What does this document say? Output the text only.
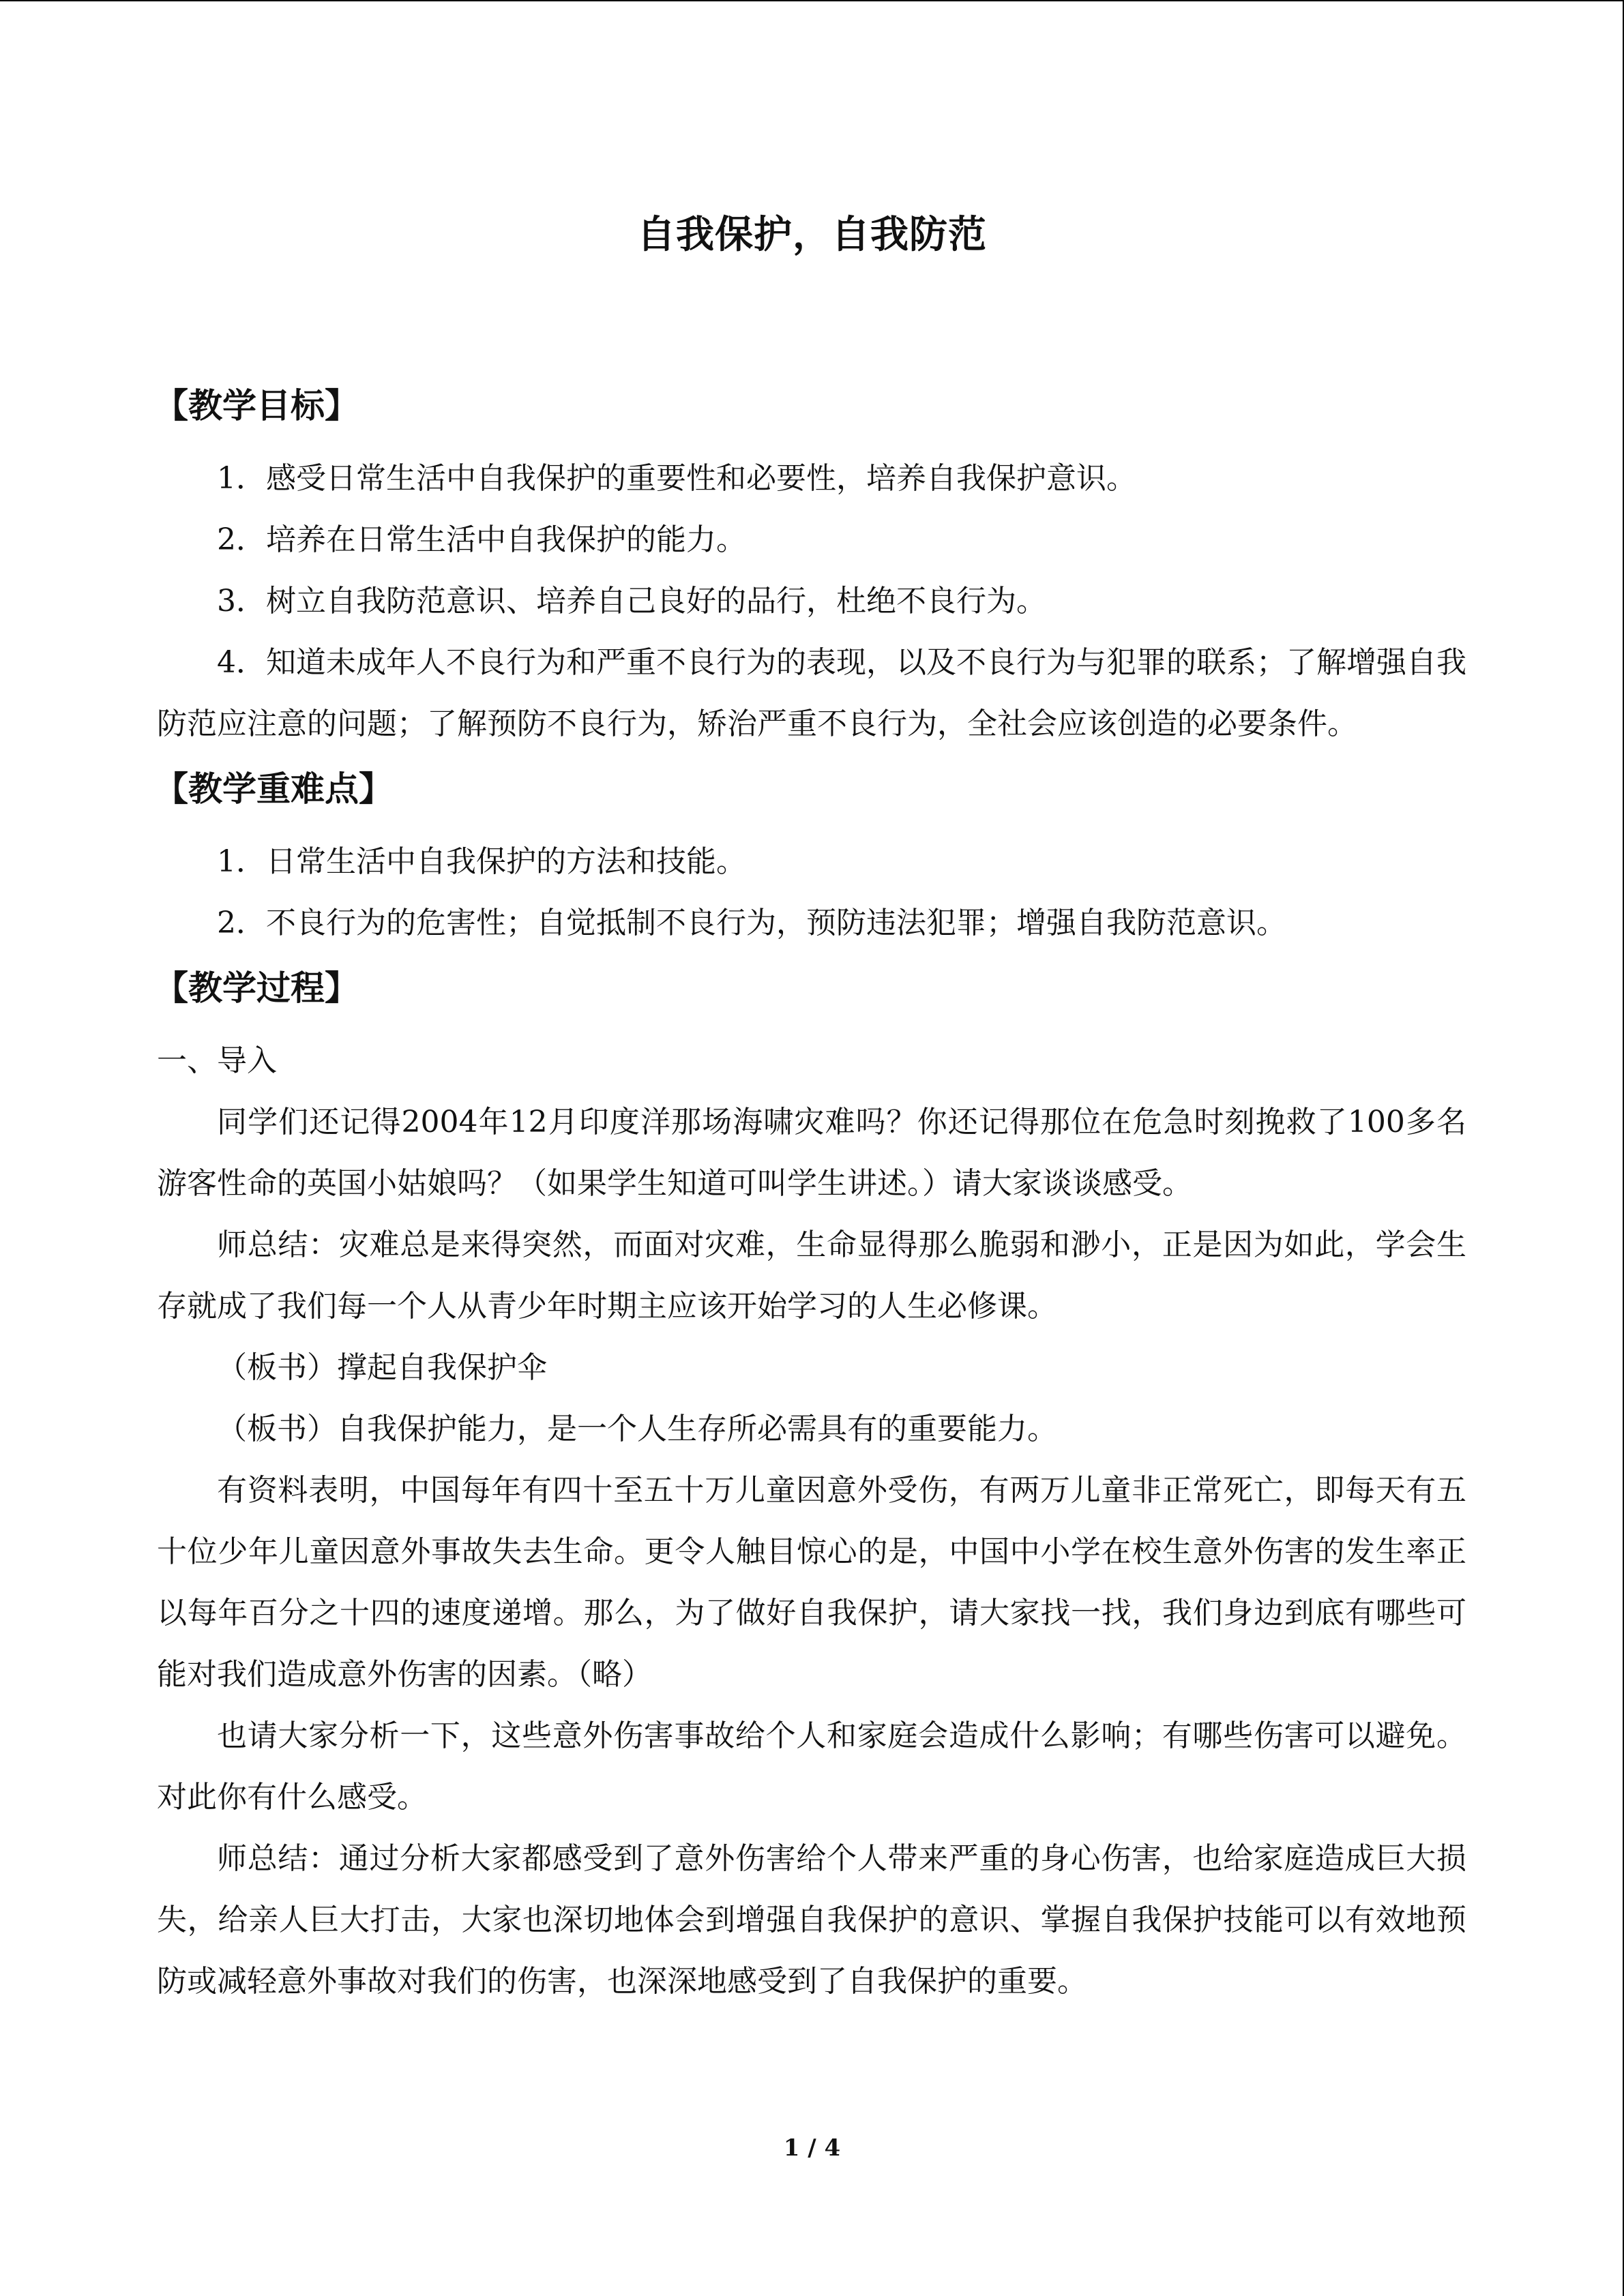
自我保护，自我防范
【教学目标】

1．感受日常生活中自我保护的重要性和必要性，培养自我保护意识。

2．培养在日常生活中自我保护的能力。

3．树立自我防范意识、培养自己良好的品行，杜绝不良行为。

4．知道未成年人不良行为和严重不良行为的表现，以及不良行为与犯罪的联系；了解增强自我防范应注意的问题；了解预防不良行为，矫治严重不良行为，全社会应该创造的必要条件。

【教学重难点】

1．日常生活中自我保护的方法和技能。

2．不良行为的危害性；自觉抵制不良行为，预防违法犯罪；增强自我防范意识。

【教学过程】

一、导入

同学们还记得2004年12月印度洋那场海啸灾难吗？你还记得那位在危急时刻挽救了100多名游客性命的英国小姑娘吗？（如果学生知道可叫学生讲述。）请大家谈谈感受。

师总结：灾难总是来得突然，而面对灾难，生命显得那么脆弱和渺小，正是因为如此，学会生存就成了我们每一个人从青少年时期主应该开始学习的人生必修课。

（板书）撑起自我保护伞

（板书）自我保护能力，是一个人生存所必需具有的重要能力。

有资料表明，中国每年有四十至五十万儿童因意外受伤，有两万儿童非正常死亡，即每天有五十位少年儿童因意外事故失去生命。更令人触目惊心的是，中国中小学在校生意外伤害的发生率正以每年百分之十四的速度递增。那么，为了做好自我保护，请大家找一找，我们身边到底有哪些可能对我们造成意外伤害的因素。（略）

也请大家分析一下，这些意外伤害事故给个人和家庭会造成什么影响；有哪些伤害可以避免。对此你有什么感受。

师总结：通过分析大家都感受到了意外伤害给个人带来严重的身心伤害，也给家庭造成巨大损失，给亲人巨大打击，大家也深切地体会到增强自我保护的意识、掌握自我保护技能可以有效地预防或减轻意外事故对我们的伤害，也深深地感受到了自我保护的重要。

1 / 4
